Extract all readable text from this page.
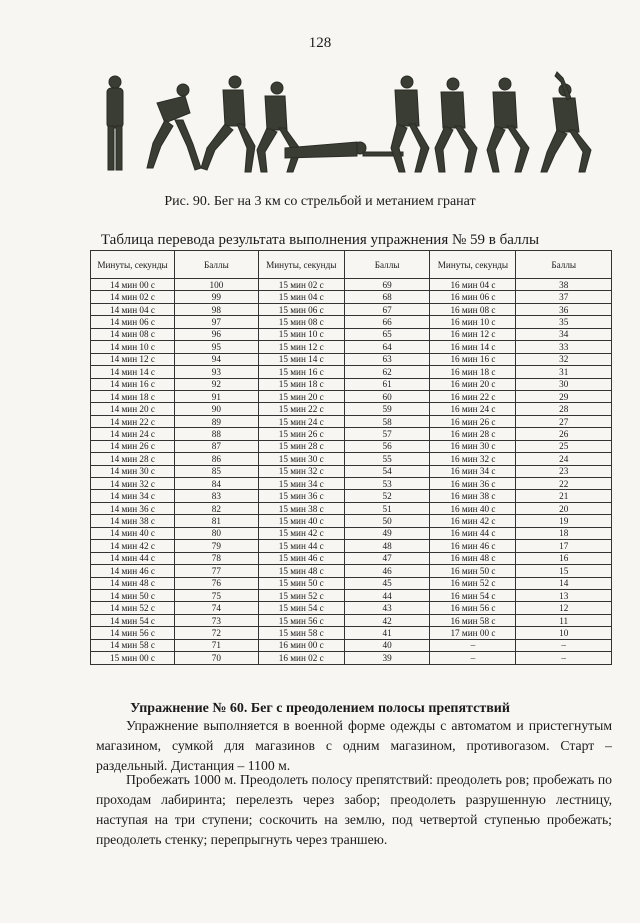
128
Рис. 90. Бег на 3 км со стрельбой и метанием гранат
Таблица перевода результата выполнения упражнения № 59 в баллы
Минуты, секунды	Баллы	Минуты, секунды	Баллы	Минуты, секунды	Баллы
14 мин 00 с	100	15 мин 02 с	69	16 мин 04 с	38
14 мин 02 с	99	15 мин 04 с	68	16 мин 06 с	37
14 мин 04 с	98	15 мин 06 с	67	16 мин 08 с	36
14 мин 06 с	97	15 мин 08 с	66	16 мин 10 с	35
14 мин 08 с	96	15 мин 10 с	65	16 мин 12 с	34
14 мин 10 с	95	15 мин 12 с	64	16 мин 14 с	33
14 мин 12 с	94	15 мин 14 с	63	16 мин 16 с	32
14 мин 14 с	93	15 мин 16 с	62	16 мин 18 с	31
14 мин 16 с	92	15 мин 18 с	61	16 мин 20 с	30
14 мин 18 с	91	15 мин 20 с	60	16 мин 22 с	29
14 мин 20 с	90	15 мин 22 с	59	16 мин 24 с	28
14 мин 22 с	89	15 мин 24 с	58	16 мин 26 с	27
14 мин 24 с	88	15 мин 26 с	57	16 мин 28 с	26
14 мин 26 с	87	15 мин 28 с	56	16 мин 30 с	25
14 мин 28 с	86	15 мин 30 с	55	16 мин 32 с	24
14 мин 30 с	85	15 мин 32 с	54	16 мин 34 с	23
14 мин 32 с	84	15 мин 34 с	53	16 мин 36 с	22
14 мин 34 с	83	15 мин 36 с	52	16 мин 38 с	21
14 мин 36 с	82	15 мин 38 с	51	16 мин 40 с	20
14 мин 38 с	81	15 мин 40 с	50	16 мин 42 с	19
14 мин 40 с	80	15 мин 42 с	49	16 мин 44 с	18
14 мин 42 с	79	15 мин 44 с	48	16 мин 46 с	17
14 мин 44 с	78	15 мин 46 с	47	16 мин 48 с	16
14 мин 46 с	77	15 мин 48 с	46	16 мин 50 с	15
14 мин 48 с	76	15 мин 50 с	45	16 мин 52 с	14
14 мин 50 с	75	15 мин 52 с	44	16 мин 54 с	13
14 мин 52 с	74	15 мин 54 с	43	16 мин 56 с	12
14 мин 54 с	73	15 мин 56 с	42	16 мин 58 с	11
14 мин 56 с	72	15 мин 58 с	41	17 мин 00 с	10
14 мин 58 с	71	16 мин 00 с	40	–	–
15 мин 00 с	70	16 мин 02 с	39	–	–
Упражнение № 60. Бег с преодолением полосы препятствий
Упражнение выполняется в военной форме одежды с автоматом и пристегнутым магазином, сумкой для магазинов с одним магазином, противогазом. Старт – раздельный. Дистанция – 1100 м.
Пробежать 1000 м. Преодолеть полосу препятствий: преодолеть ров; пробежать по проходам лабиринта; перелезть через забор; преодолеть разрушенную лестницу, наступая на три ступени; соскочить на землю, под четвертой ступенью пробежать; преодолеть стенку; перепрыгнуть через траншею.
